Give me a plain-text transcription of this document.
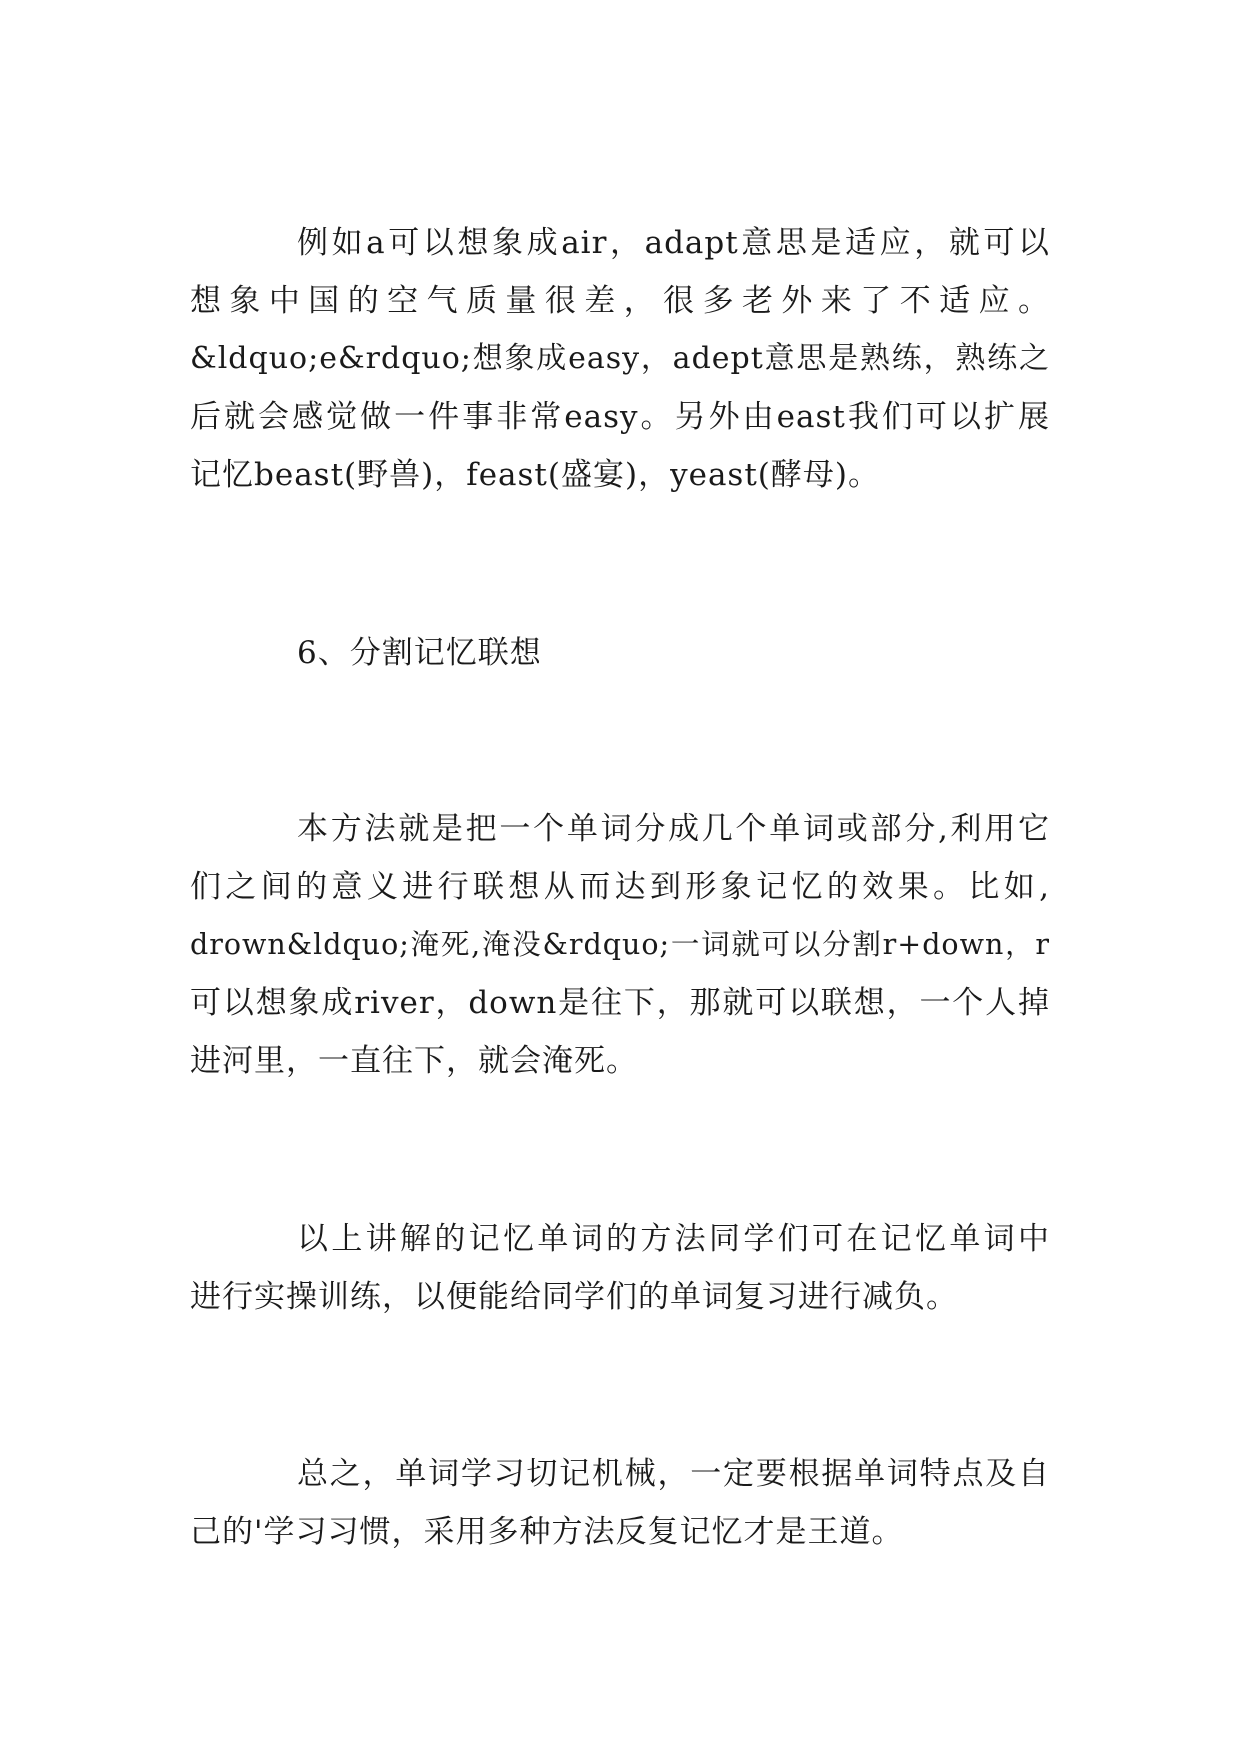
例如a可以想象成air，adapt意思是适应，就可以
想象中国的空气质量很差，很多老外来了不适应。
&ldquo;e&rdquo;想象成easy，adept意思是熟练，熟练之
后就会感觉做一件事非常easy。另外由east我们可以扩展
记忆beast(野兽)，feast(盛宴)，yeast(酵母)。
6、分割记忆联想
本方法就是把一个单词分成几个单词或部分,利用它
们之间的意义进行联想从而达到形象记忆的效果。比如,
drown&ldquo;淹死,淹没&rdquo;一词就可以分割r+down，r
可以想象成river，down是往下，那就可以联想，一个人掉
进河里，一直往下，就会淹死。
以上讲解的记忆单词的方法同学们可在记忆单词中
进行实操训练，以便能给同学们的单词复习进行减负。
总之，单词学习切记机械，一定要根据单词特点及自
己的'学习习惯，采用多种方法反复记忆才是王道。
